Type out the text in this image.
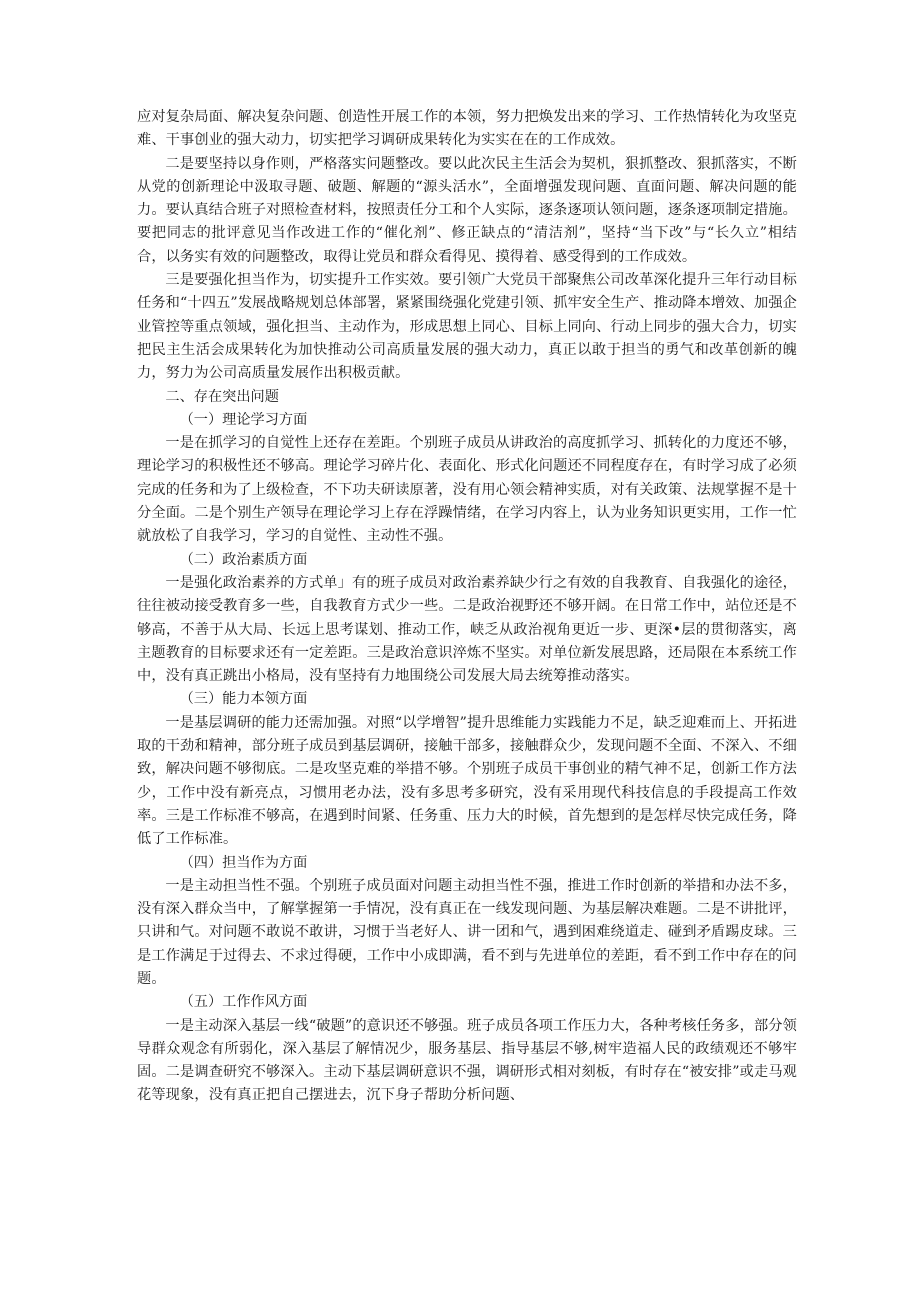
应对复杂局面、解决复杂问题、创造性开展工作的本领，努力把焕发出来的学习、工作热情转化为攻坚克难、干事创业的强大动力，切实把学习调研成果转化为实实在在的工作成效。

二是要坚持以身作则，严格落实问题整改。要以此次民主生活会为契机，狠抓整改、狠抓落实，不断从党的创新理论中汲取寻题、破题、解题的“源头活水”，全面增强发现问题、直面问题、解决问题的能力。要认真结合班子对照检查材料，按照责任分工和个人实际，逐条逐项认领问题，逐条逐项制定措施。要把同志的批评意见当作改进工作的“催化剂”、修正缺点的“清洁剂”，坚持“当下改”与“长久立”相结合，以务实有效的问题整改，取得让党员和群众看得见、摸得着、感受得到的工作成效。

三是要强化担当作为，切实提升工作实效。要引领广大党员干部聚焦公司改革深化提升三年行动目标任务和“十四五”发展战略规划总体部署，紧紧围绕强化党建引领、抓牢安全生产、推动降本增效、加强企业管控等重点领域，强化担当、主动作为，形成思想上同心、目标上同向、行动上同步的强大合力，切实把民主生活会成果转化为加快推动公司高质量发展的强大动力，真正以敢于担当的勇气和改革创新的魄力，努力为公司高质量发展作出积极贡献。

二、存在突出问题

（一）理论学习方面

一是在抓学习的自觉性上还存在差距。个别班子成员从讲政治的高度抓学习、抓转化的力度还不够，理论学习的积极性还不够高。理论学习碎片化、表面化、形式化问题还不同程度存在，有时学习成了必须完成的任务和为了上级检查，不下功夫研读原著，没有用心领会精神实质，对有关政策、法规掌握不是十分全面。二是个别生产领导在理论学习上存在浮躁情绪，在学习内容上，认为业务知识更实用，工作一忙就放松了自我学习，学习的自觉性、主动性不强。

（二）政治素质方面

一是强化政治素养的方式单」有的班子成员对政治素养缺少行之有效的自我教育、自我强化的途径，往往被动接受教育多一些，自我教育方式少一些。二是政治视野还不够开阔。在日常工作中，站位还是不够高，不善于从大局、长远上思考谋划、推动工作，峡乏从政治视角更近一步、更深•层的贯彻落实，离主题教育的目标要求还有一定差距。三是政治意识淬炼不坚实。对单位新发展思路，还局限在本系统工作中，没有真正跳出小格局，没有坚持有力地围绕公司发展大局去统筹推动落实。

（三）能力本领方面

一是基层调研的能力还需加强。对照“以学增智”提升思维能力实践能力不足，缺乏迎难而上、开拓进取的干劲和精神，部分班子成员到基层调研，接触干部多，接触群众少，发现问题不全面、不深入、不细致，解决问题不够彻底。二是攻坚克难的举措不够。个别班子成员干事创业的精气神不足，创新工作方法少，工作中没有新亮点，习惯用老办法，没有多思考多研究，没有采用现代科技信息的手段提高工作效率。三是工作标准不够高，在遇到时间紧、任务重、压力大的时候，首先想到的是怎样尽快完成任务，降低了工作标准。

（四）担当作为方面

一是主动担当性不强。个别班子成员面对问题主动担当性不强，推进工作时创新的举措和办法不多，没有深入群众当中，了解掌握第一手情况，没有真正在一线发现问题、为基层解决难题。二是不讲批评，只讲和气。对问题不敢说不敢讲，习惯于当老好人、讲一团和气，遇到困难绕道走、碰到矛盾踢皮球。三是工作满足于过得去、不求过得硬，工作中小成即满，看不到与先进单位的差距，看不到工作中存在的问题。

（五）工作作风方面

一是主动深入基层一线“破题”的意识还不够强。班子成员各项工作压力大，各种考核任务多，部分领导群众观念有所弱化，深入基层了解情况少，服务基层、指导基层不够,树牢造福人民的政绩观还不够牢固。二是调查研究不够深入。主动下基层调研意识不强，调研形式相对刻板，有时存在“被安排”或走马观花等现象，没有真正把自己摆进去，沉下身子帮助分析问题、
